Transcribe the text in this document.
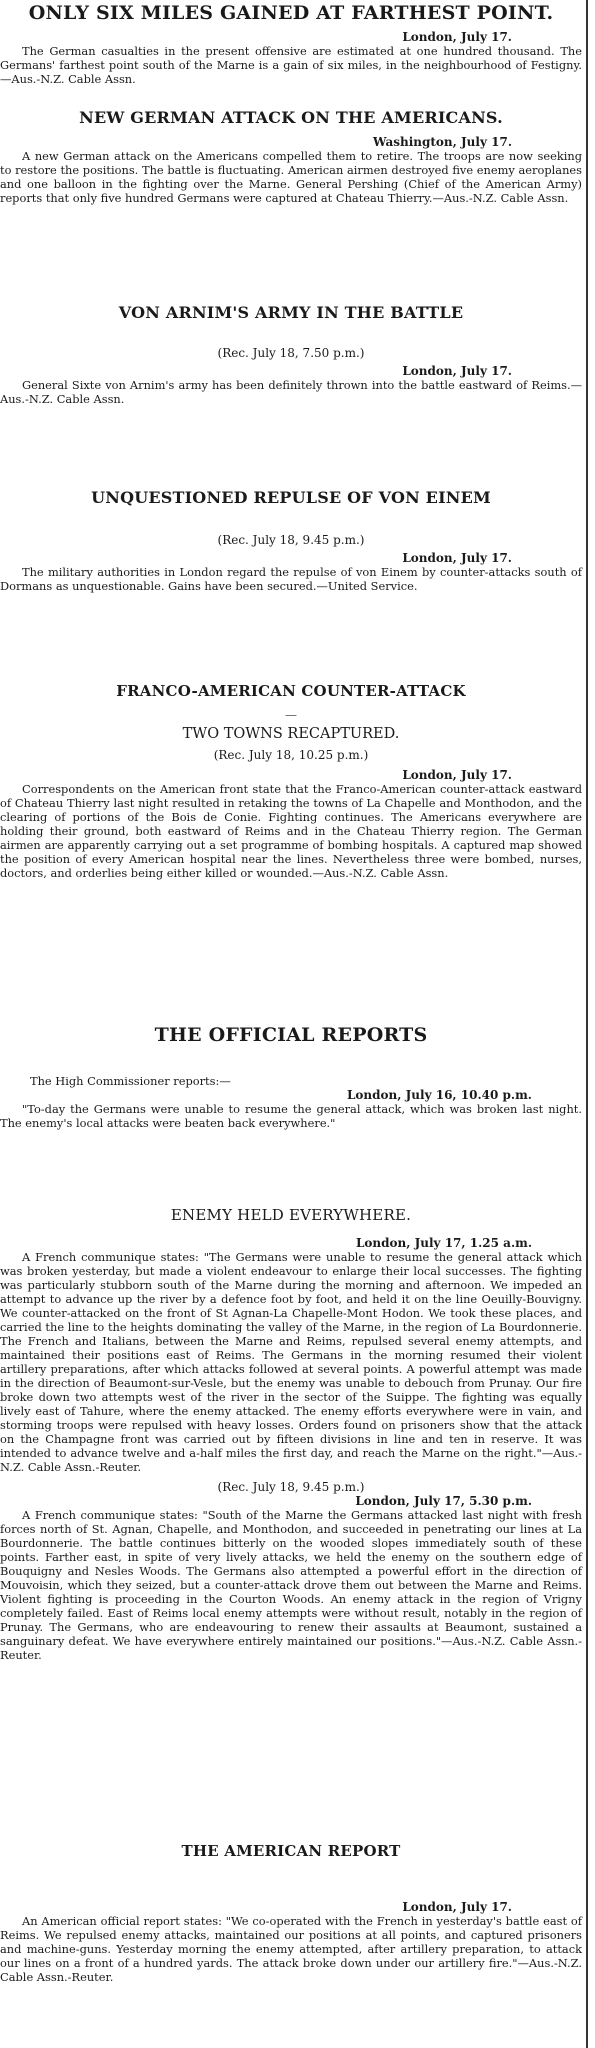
ONLY SIX MILES GAINED AT FARTHEST POINT.

London, July 17.

The German casualties in the present offensive are estimated at one hundred thousand. The Germans' farthest point south of the Marne is a gain of six miles, in the neighbourhood of Festigny.—Aus.-N.Z. Cable Assn.

NEW GERMAN ATTACK ON THE AMERICANS.

Washington, July 17.

A new German attack on the Americans compelled them to retire. The troops are now seeking to restore the positions. The battle is fluctuating. American airmen destroyed five enemy aeroplanes and one balloon in the fighting over the Marne. General Pershing (Chief of the American Army) reports that only five hundred Germans were captured at Chateau Thierry.—Aus.-N.Z. Cable Assn.

VON ARNIM'S ARMY IN THE BATTLE

(Rec. July 18, 7.50 p.m.)

London, July 17.

General Sixte von Arnim's army has been definitely thrown into the battle eastward of Reims.—Aus.-N.Z. Cable Assn.

UNQUESTIONED REPULSE OF VON EINEM

(Rec. July 18, 9.45 p.m.)

London, July 17.

The military authorities in London regard the repulse of von Einem by counter-attacks south of Dormans as unquestionable. Gains have been secured.—United Service.

FRANCO-AMERICAN COUNTER-ATTACK

—

TWO TOWNS RECAPTURED.

(Rec. July 18, 10.25 p.m.)

London, July 17.

Correspondents on the American front state that the Franco-American counter-attack eastward of Chateau Thierry last night resulted in retaking the towns of La Chapelle and Monthodon, and the clearing of portions of the Bois de Conie. Fighting continues. The Americans everywhere are holding their ground, both eastward of Reims and in the Chateau Thierry region. The German airmen are apparently carrying out a set programme of bombing hospitals. A captured map showed the position of every American hospital near the lines. Nevertheless three were bombed, nurses, doctors, and orderlies being either killed or wounded.—Aus.-N.Z. Cable Assn.

THE OFFICIAL REPORTS

The High Commissioner reports:—

London, July 16, 10.40 p.m.

"To-day the Germans were unable to resume the general attack, which was broken last night. The enemy's local attacks were beaten back everywhere."

ENEMY HELD EVERYWHERE.

London, July 17, 1.25 a.m.

A French communique states: "The Germans were unable to resume the general attack which was broken yesterday, but made a violent endeavour to enlarge their local successes. The fighting was particularly stubborn south of the Marne during the morning and afternoon. We impeded an attempt to advance up the river by a defence foot by foot, and held it on the line Oeuilly-Bouvigny. We counter-attacked on the front of St Agnan-La Chapelle-Mont Hodon. We took these places, and carried the line to the heights dominating the valley of the Marne, in the region of La Bourdonnerie. The French and Italians, between the Marne and Reims, repulsed several enemy attempts, and maintained their positions east of Reims. The Germans in the morning resumed their violent artillery preparations, after which attacks followed at several points. A powerful attempt was made in the direction of Beaumont-sur-Vesle, but the enemy was unable to debouch from Prunay. Our fire broke down two attempts west of the river in the sector of the Suippe. The fighting was equally lively east of Tahure, where the enemy attacked. The enemy efforts everywhere were in vain, and storming troops were repulsed with heavy losses. Orders found on prisoners show that the attack on the Champagne front was carried out by fifteen divisions in line and ten in reserve. It was intended to advance twelve and a-half miles the first day, and reach the Marne on the right."—Aus.-N.Z. Cable Assn.-Reuter.

(Rec. July 18, 9.45 p.m.)

London, July 17, 5.30 p.m.

A French communique states: "South of the Marne the Germans attacked last night with fresh forces north of St. Agnan, Chapelle, and Monthodon, and succeeded in penetrating our lines at La Bourdonnerie. The battle continues bitterly on the wooded slopes immediately south of these points. Farther east, in spite of very lively attacks, we held the enemy on the southern edge of Bouquigny and Nesles Woods. The Germans also attempted a powerful effort in the direction of Mouvoisin, which they seized, but a counter-attack drove them out between the Marne and Reims. Violent fighting is proceeding in the Courton Woods. An enemy attack in the region of Vrigny completely failed. East of Reims local enemy attempts were without result, notably in the region of Prunay. The Germans, who are endeavouring to renew their assaults at Beaumont, sustained a sanguinary defeat. We have everywhere entirely maintained our positions."—Aus.-N.Z. Cable Assn.-Reuter.

THE AMERICAN REPORT

London, July 17.

An American official report states: "We co-operated with the French in yesterday's battle east of Reims. We repulsed enemy attacks, maintained our positions at all points, and captured prisoners and machine-guns. Yesterday morning the enemy attempted, after artillery preparation, to attack our lines on a front of a hundred yards. The attack broke down under our artillery fire."—Aus.-N.Z. Cable Assn.-Reuter.
